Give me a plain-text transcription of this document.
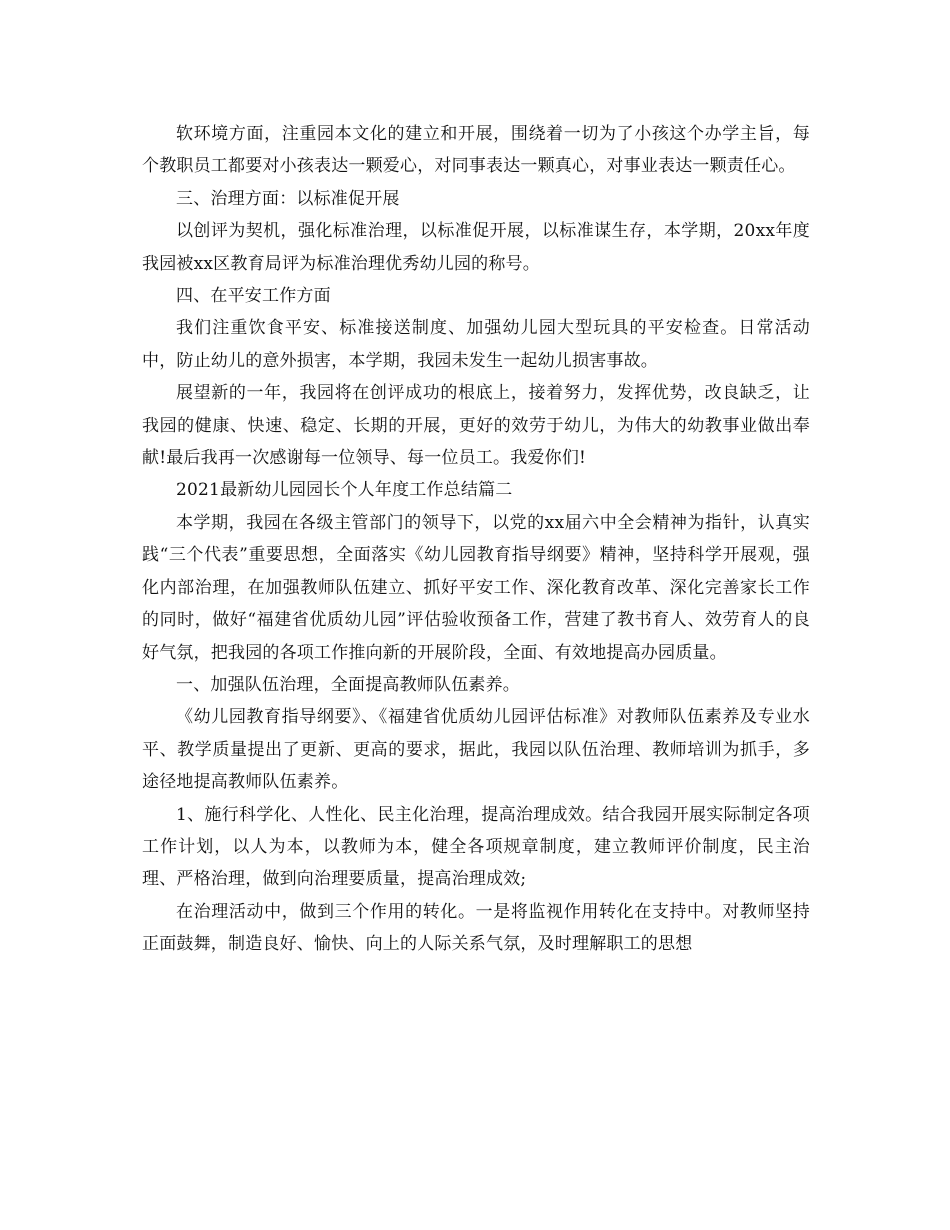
软环境方面，注重园本文化的建立和开展，围绕着一切为了小孩这个办学主旨，每个教职员工都要对小孩表达一颗爱心，对同事表达一颗真心，对事业表达一颗责任心。

三、治理方面：以标准促开展

以创评为契机，强化标准治理，以标准促开展，以标准谋生存，本学期，20xx年度我园被xx区教育局评为标准治理优秀幼儿园的称号。

四、在平安工作方面

我们注重饮食平安、标准接送制度、加强幼儿园大型玩具的平安检查。日常活动中，防止幼儿的意外损害，本学期，我园未发生一起幼儿损害事故。

展望新的一年，我园将在创评成功的根底上，接着努力，发挥优势，改良缺乏，让我园的健康、快速、稳定、长期的开展，更好的效劳于幼儿，为伟大的幼教事业做出奉献!最后我再一次感谢每一位领导、每一位员工。我爱你们!

2021最新幼儿园园长个人年度工作总结篇二

本学期，我园在各级主管部门的领导下，以党的xx届六中全会精神为指针，认真实践“三个代表”重要思想，全面落实《幼儿园教育指导纲要》精神，坚持科学开展观，强化内部治理，在加强教师队伍建立、抓好平安工作、深化教育改革、深化完善家长工作的同时，做好“福建省优质幼儿园”评估验收预备工作，营建了教书育人、效劳育人的良好气氛，把我园的各项工作推向新的开展阶段，全面、有效地提高办园质量。

一、加强队伍治理，全面提高教师队伍素养。

《幼儿园教育指导纲要》、《福建省优质幼儿园评估标准》对教师队伍素养及专业水平、教学质量提出了更新、更高的要求，据此，我园以队伍治理、教师培训为抓手，多途径地提高教师队伍素养。

1、施行科学化、人性化、民主化治理，提高治理成效。结合我园开展实际制定各项工作计划，以人为本，以教师为本，健全各项规章制度，建立教师评价制度，民主治理、严格治理，做到向治理要质量，提高治理成效;

在治理活动中，做到三个作用的转化。一是将监视作用转化在支持中。对教师坚持正面鼓舞，制造良好、愉快、向上的人际关系气氛，及时理解职工的思想
